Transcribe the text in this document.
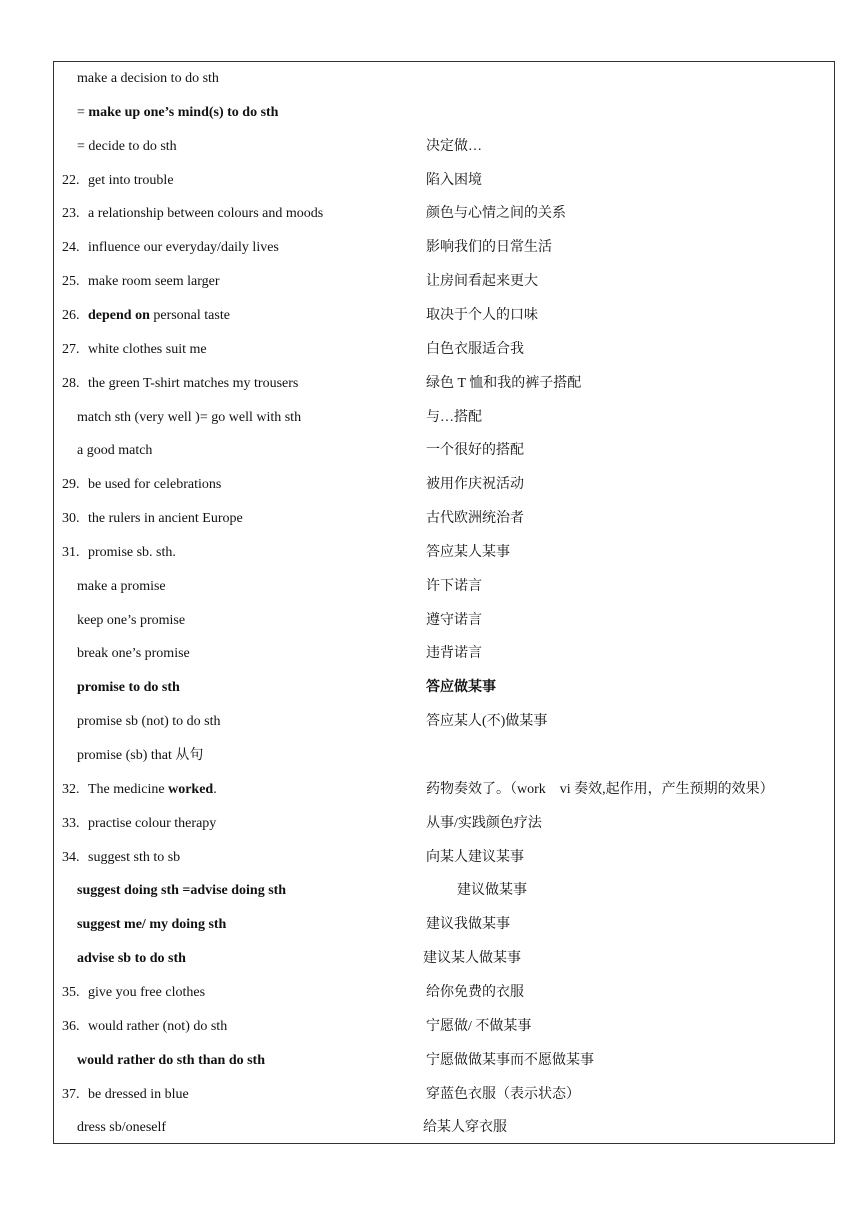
make a decision to do sth
= make up one’s mind(s) to do sth
= decide to do sth	决定做…
22. get into trouble	陷入困境
23. a relationship between colours and moods	颜色与心情之间的关系
24. influence our everyday/daily lives	影响我们的日常生活
25. make room seem larger	让房间看起来更大
26. depend on personal taste	取决于个人的口味
27. white clothes suit me	白色衣服适合我
28. the green T-shirt matches my trousers	绿色 T 恤和我的裤子搭配
match sth (very well )= go well with sth	与…搭配
a good match	一个很好的搭配
29. be used for celebrations	被用作庆祝活动
30. the rulers in ancient Europe	古代欧洲统治者
31. promise sb. sth.	答应某人某事
make a promise	许下诺言
keep one’s promise	遵守诺言
break one’s promise	违背诺言
promise to do sth	答应做某事
promise sb (not) to do sth	答应某人(不)做某事
promise (sb) that 从句
32. The medicine worked.	药物奏效了。（work　vi 奏效,起作用，产生预期的效果）
33. practise colour therapy	从事/实践颜色疗法
34. suggest sth to sb	向某人建议某事
suggest doing sth =advise doing sth	建议做某事
suggest me/ my doing sth	建议我做某事
advise sb to do sth	建议某人做某事
35. give you free clothes	给你免费的衣服
36. would rather (not) do sth	宁愿做/ 不做某事
would rather do sth than do sth	宁愿做做某事而不愿做某事
37. be dressed in blue	穿蓝色衣服（表示状态）
dress sb/oneself	给某人穿衣服
